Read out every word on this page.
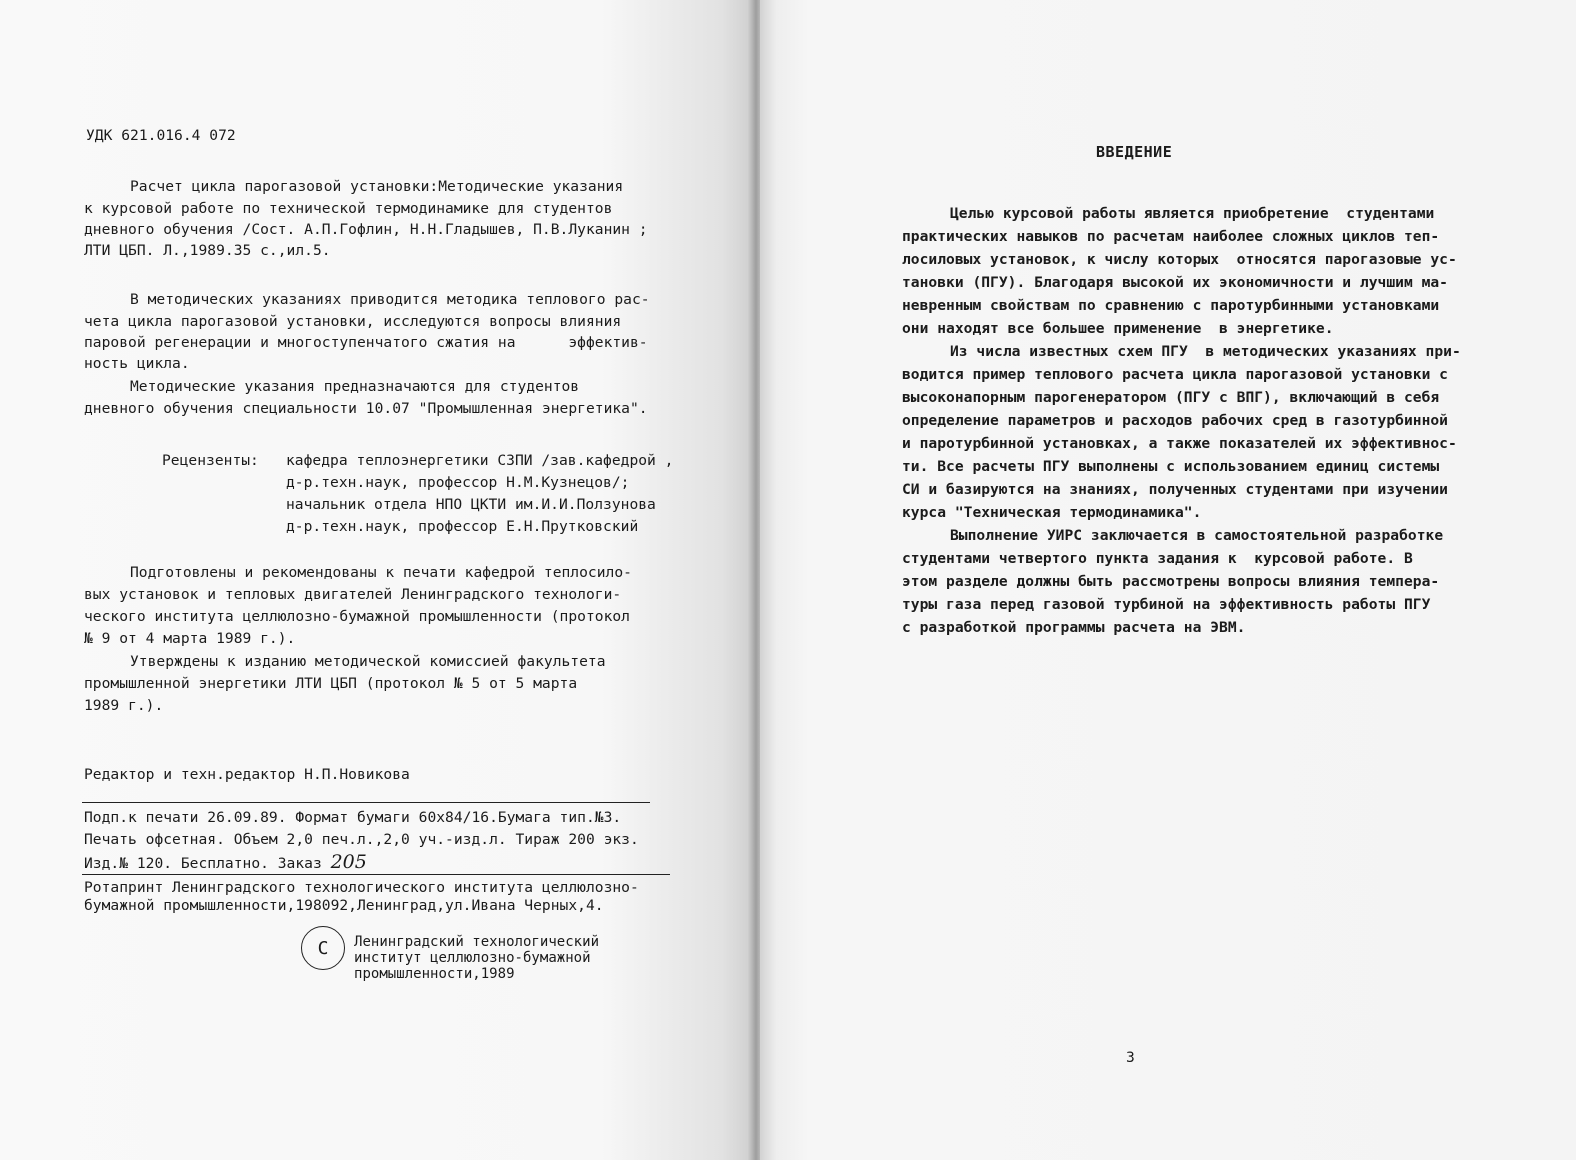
УДК 621.016.4 072
Расчет цикла парогазовой установки:Методические указания
к курсовой работе по технической термодинамике для студентов
дневного обучения /Сост. А.П.Гофлин, Н.Н.Гладышев, П.В.Луканин ;
ЛТИ ЦБП. Л.,1989.35 с.,ил.5.
В методических указаниях приводится методика теплового рас-
чета цикла парогазовой установки, исследуются вопросы влияния
паровой регенерации и многоступенчатого сжатия на      эффектив-
ность цикла.
Методические указания предназначаются для студентов
дневного обучения специальности 10.07 "Промышленная энергетика".
Рецензенты: кафедра теплоэнергетики СЗПИ /зав.кафедрой ,
д-р.техн.наук, профессор Н.М.Кузнецов/;
начальник отдела НПО ЦКТИ им.И.И.Ползунова
д-р.техн.наук, профессор Е.Н.Прутковский
Подготовлены и рекомендованы к печати кафедрой теплосило-
вых установок и тепловых двигателей Ленинградского технологи-
ческого института целлюлозно-бумажной промышленности (протокол
№ 9 от 4 марта 1989 г.).
Утверждены к изданию методической комиссией факультета
промышленной энергетики ЛТИ ЦБП (протокол № 5 от 5 марта
1989 г.).
Редактор и техн.редактор Н.П.Новикова
Подп.к печати 26.09.89. Формат бумаги 60x84/16.Бумага тип.№3.
Печать офсетная. Объем 2,0 печ.л.,2,0 уч.-изд.л. Тираж 200 экз.
Изд.№ 120. Бесплатно. Заказ 205
Ротапринт Ленинградского технологического института целлюлозно-
бумажной промышленности,198092,Ленинград,ул.Ивана Черных,4.
C Ленинградский технологический
институт целлюлозно-бумажной
промышленности,1989
ВВЕДЕНИЕ
Целью курсовой работы является приобретение  студентами
практических навыков по расчетам наиболее сложных циклов теп-
лосиловых установок, к числу которых  относятся парогазовые ус-
тановки (ПГУ). Благодаря высокой их экономичности и лучшим ма-
невренным свойствам по сравнению с паротурбинными установками
они находят все большее применение  в энергетике.
Из числа известных схем ПГУ  в методических указаниях при-
водится пример теплового расчета цикла парогазовой установки с
высоконапорным парогенератором (ПГУ с ВПГ), включающий в себя
определение параметров и расходов рабочих сред в газотурбинной
и паротурбинной установках, а также показателей их эффективнос-
ти. Все расчеты ПГУ выполнены с использованием единиц системы
СИ и базируются на знаниях, полученных студентами при изучении
курса "Техническая термодинамика".
Выполнение УИРС заключается в самостоятельной разработке
студентами четвертого пункта задания к  курсовой работе. В
этом разделе должны быть рассмотрены вопросы влияния темпера-
туры газа перед газовой турбиной на эффективность работы ПГУ
с разработкой программы расчета на ЭВМ.
3
